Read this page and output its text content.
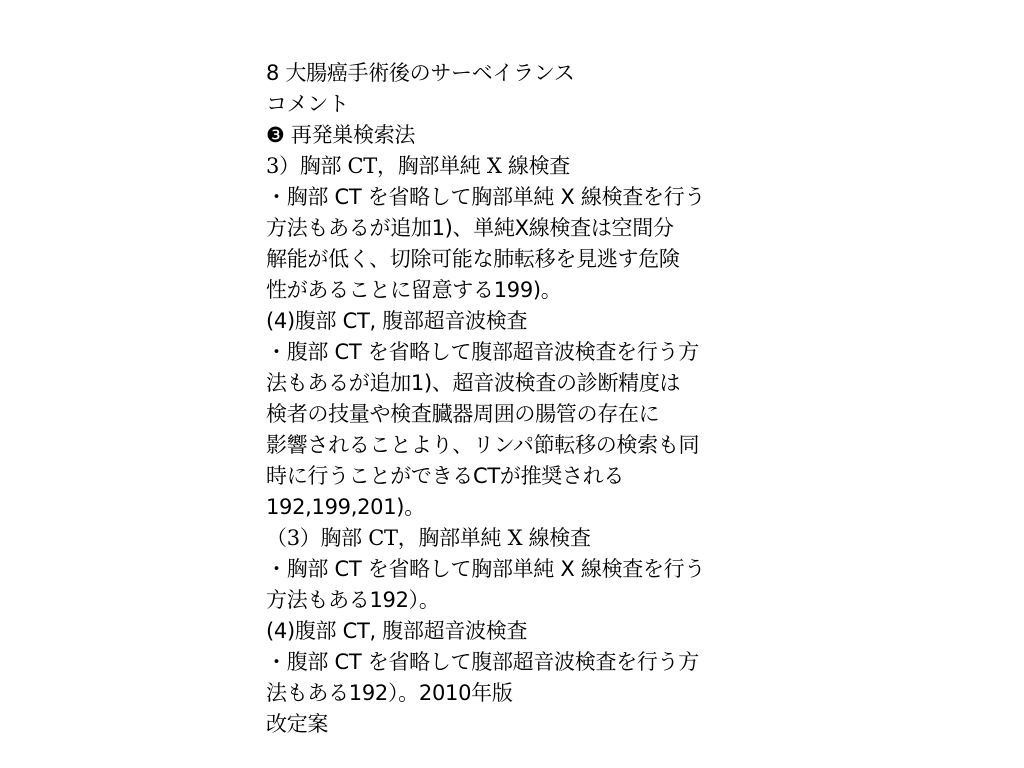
8 大腸癌手術後のサーベイランス
コメント
❸ 再発巣検索法
3）胸部 CT，胸部単純 X 線検査
・胸部 CT を省略して胸部単純 X 線検査を行う
方法もあるが追加1)、単純X線検査は空間分
解能が低く、切除可能な肺転移を見逃す危険
性があることに留意する199)。
(4)腹部 CT, 腹部超音波検査
・腹部 CT を省略して腹部超音波検査を行う方
法もあるが追加1)、超音波検査の診断精度は
検者の技量や検査臓器周囲の腸管の存在に
影響されることより、リンパ節転移の検索も同
時に行うことができるCTが推奨される
192,199,201)。
（3）胸部 CT，胸部単純 X 線検査
・胸部 CT を省略して胸部単純 X 線検査を行う
方法もある192）。
(4)腹部 CT, 腹部超音波検査
・腹部 CT を省略して腹部超音波検査を行う方
法もある192）。2010年版
改定案
